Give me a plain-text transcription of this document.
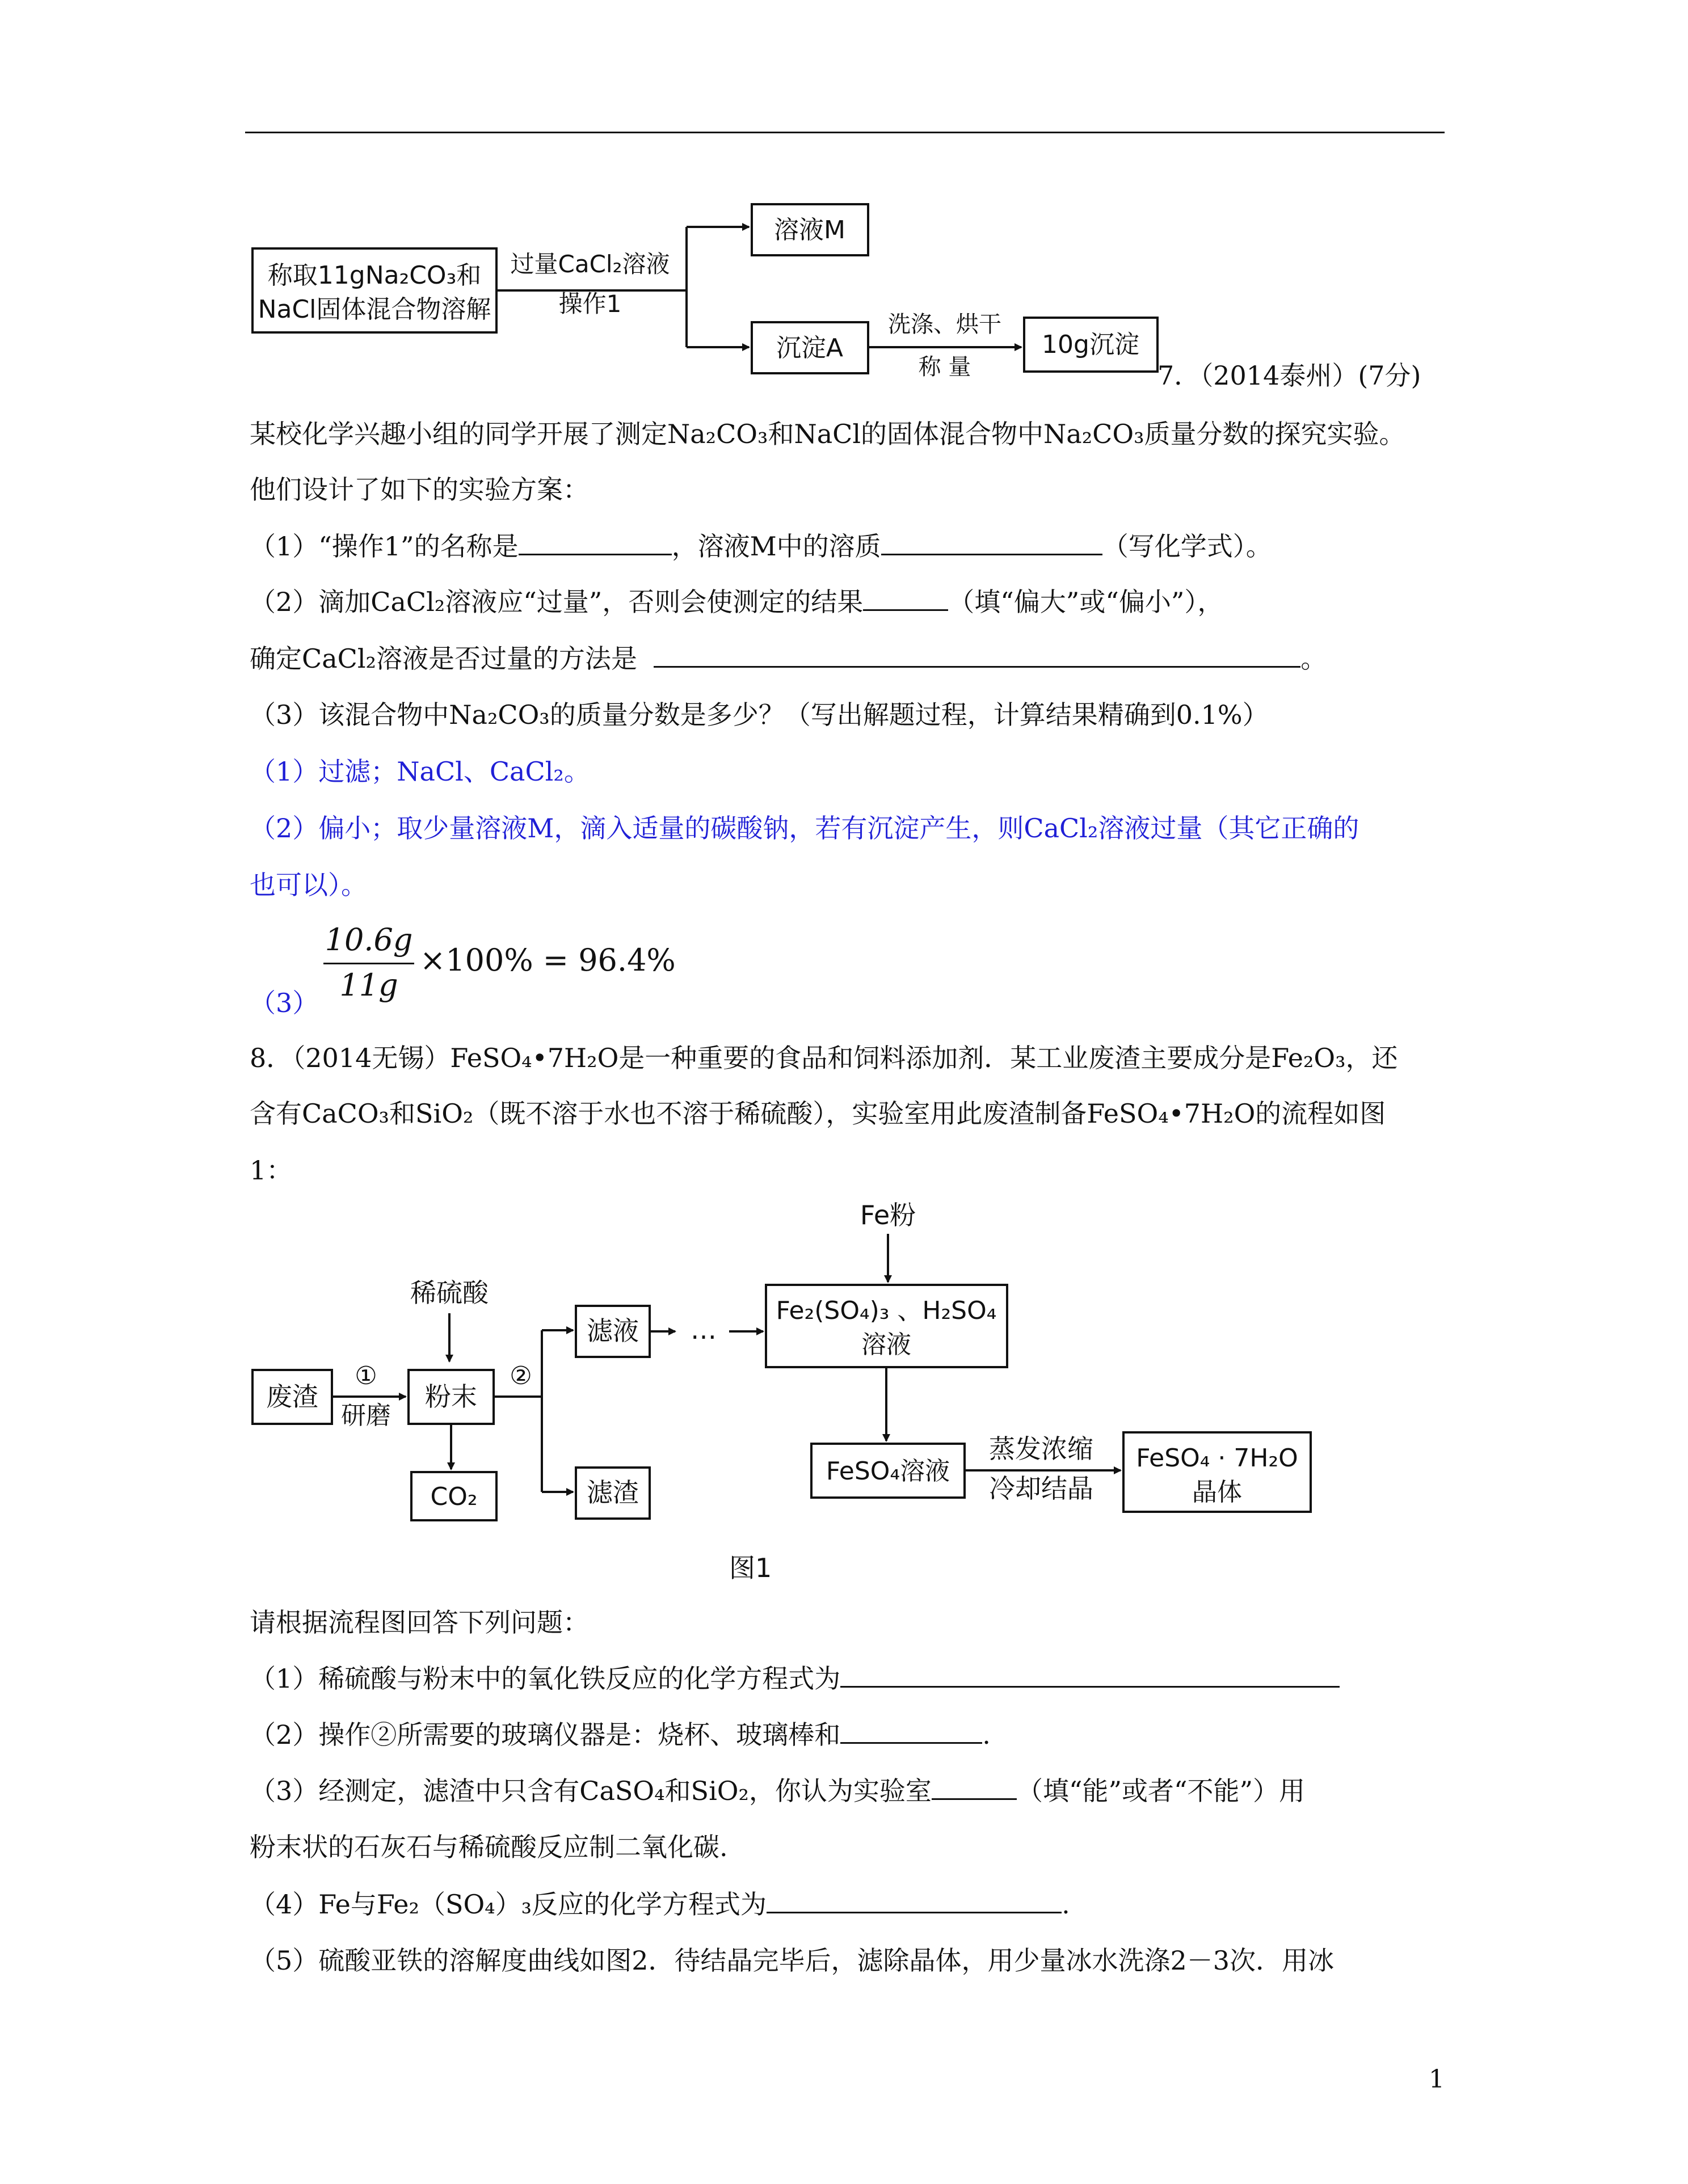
称取11gNa₂CO₃和
NaCl固体混合物溶解
过量CaCl₂溶液
操作1
溶液M
沉淀A
洗涤、烘干
称 量
10g沉淀
7．（2014泰州）(7分)
某校化学兴趣小组的同学开展了测定Na₂CO₃和NaCl的固体混合物中Na₂CO₃质量分数的探究实验。
他们设计了如下的实验方案：
（1）“操作1”的名称是	，溶液M中的溶质	（写化学式）。
（2）滴加CaCl₂溶液应“过量”，否则会使测定的结果	（填“偏大”或“偏小”），
确定CaCl₂溶液是否过量的方法是	。
（3）该混合物中Na₂CO₃的质量分数是多少？（写出解题过程，计算结果精确到0.1%）
（1）过滤；NaCl、CaCl₂。
（2）偏小；取少量溶液M，滴入适量的碳酸钠，若有沉淀产生，则CaCl₂溶液过量（其它正确的
也可以）。
10.6g
11g
×100% = 96.4%
（3）
8．（2014无锡）FeSO₄•7H₂O是一种重要的食品和饲料添加剂．某工业废渣主要成分是Fe₂O₃，还
含有CaCO₃和SiO₂（既不溶于水也不溶于稀硫酸），实验室用此废渣制备FeSO₄•7H₂O的流程如图
1：
Fe粉
稀硫酸
废渣
①
研磨
粉末
CO₂
②
滤液
滤渣
…
Fe₂(SO₄)₃ 、H₂SO₄
溶液
FeSO₄溶液
蒸发浓缩
冷却结晶
FeSO₄ · 7H₂O
晶体
图1
请根据流程图回答下列问题：
（1）稀硫酸与粉末中的氧化铁反应的化学方程式为
（2）操作②所需要的玻璃仪器是：烧杯、玻璃棒和	.
（3）经测定，滤渣中只含有CaSO₄和SiO₂，你认为实验室	（填“能”或者“不能”）用
粉末状的石灰石与稀硫酸反应制二氧化碳.
（4）Fe与Fe₂（SO₄）₃反应的化学方程式为	.
（5）硫酸亚铁的溶解度曲线如图2．待结晶完毕后，滤除晶体，用少量冰水洗涤2－3次．用冰
1
